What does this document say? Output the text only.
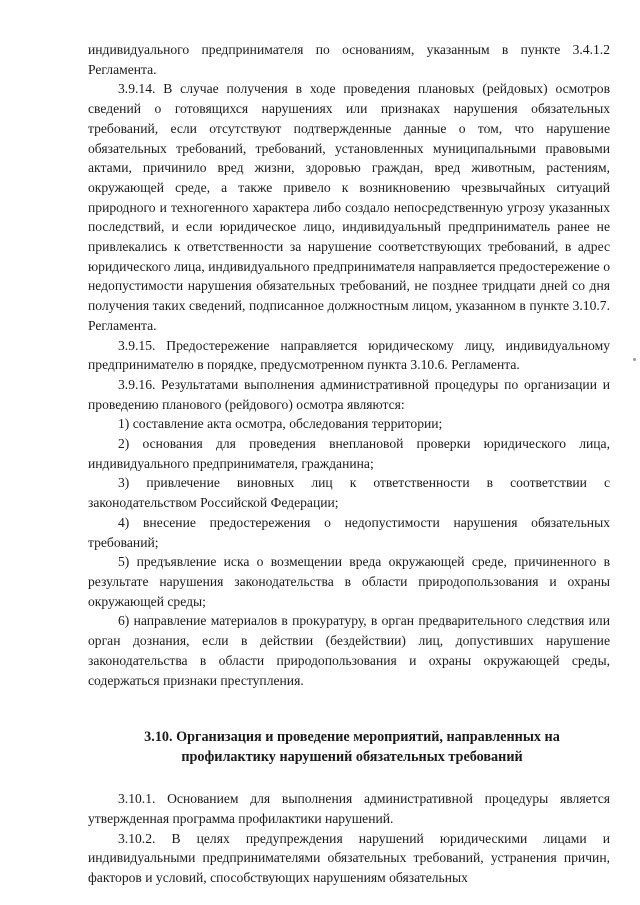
индивидуального предпринимателя по основаниям, указанным в пункте 3.4.1.2 Регламента.

3.9.14. В случае получения в ходе проведения плановых (рейдовых) осмотров сведений о готовящихся нарушениях или признаках нарушения обязательных требований, если отсутствуют подтвержденные данные о том, что нарушение обязательных требований, требований, установленных муниципальными правовыми актами, причинило вред жизни, здоровью граждан, вред животным, растениям, окружающей среде, а также привело к возникновению чрезвычайных ситуаций природного и техногенного характера либо создало непосредственную угрозу указанных последствий, и если юридическое лицо, индивидуальный предприниматель ранее не привлекались к ответственности за нарушение соответствующих требований, в адрес юридического лица, индивидуального предпринимателя направляется предостережение о недопустимости нарушения обязательных требований, не позднее тридцати дней со дня получения таких сведений, подписанное должностным лицом, указанном в пункте 3.10.7. Регламента.

3.9.15. Предостережение направляется юридическому лицу, индивидуальному предпринимателю в порядке, предусмотренном пункта 3.10.6. Регламента.

3.9.16. Результатами выполнения административной процедуры по организации и проведению планового (рейдового) осмотра являются:

1) составление акта осмотра, обследования территории;

2) основания для проведения внеплановой проверки юридического лица, индивидуального предпринимателя, гражданина;

3) привлечение виновных лиц к ответственности в соответствии с законодательством Российской Федерации;

4) внесение предостережения о недопустимости нарушения обязательных требований;

5) предъявление иска о возмещении вреда окружающей среде, причиненного в результате нарушения законодательства в области природопользования и охраны окружающей среды;

6) направление материалов в прокуратуру, в орган предварительного следствия или орган дознания, если в действии (бездействии) лиц, допустивших нарушение законодательства в области природопользования и охраны окружающей среды, содержаться признаки преступления.

3.10. Организация и проведение мероприятий, направленных на

профилактику нарушений обязательных требований

3.10.1. Основанием для выполнения административной процедуры является утвержденная программа профилактики нарушений.

3.10.2. В целях предупреждения нарушений юридическими лицами и индивидуальными предпринимателями обязательных требований, устранения причин, факторов и условий, способствующих нарушениям обязательных
